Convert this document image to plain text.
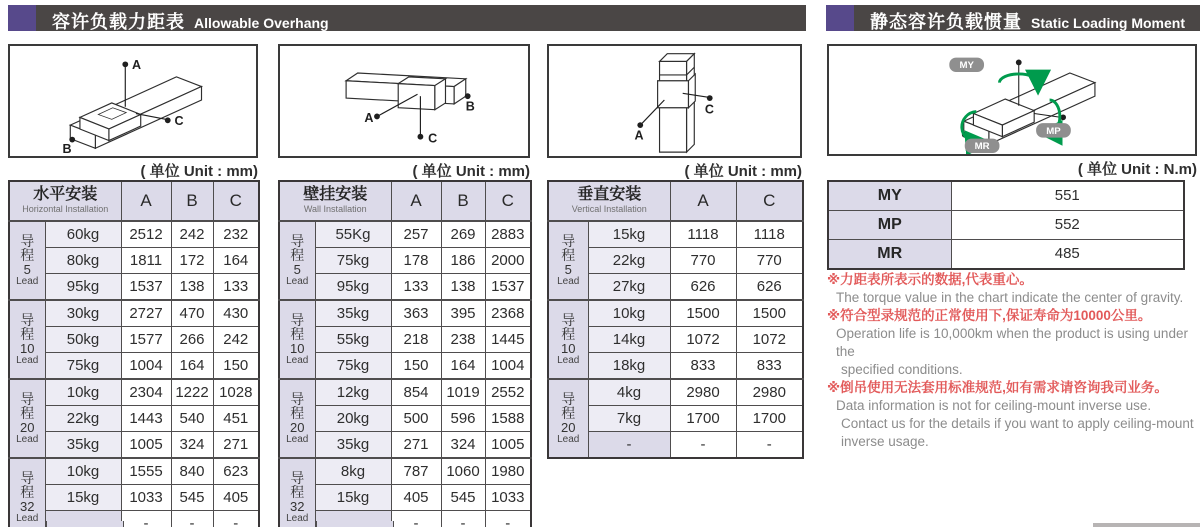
容许负载力距表 Allowable Overhang	静态容许负载惯量 Static Loading Moment
A
B
C	A
B
C	A
C
MY
MP
MR
( 单位 Unit : mm)	( 单位 Unit : mm)	( 单位 Unit : mm)	( 单位 Unit : N.m)
水平安装
Horizontal Installation		A	B	C

导
程
5
Lead	60kg	2512	242	232
	80kg	1811	172	164
	95kg	1537	138	133

导
程
10
Lead	30kg	2727	470	430
	50kg	1577	266	242
	75kg	1004	164	150

导
程
20
Lead	10kg	2304	1222	1028
	22kg	1443	540	451
	35kg	1005	324	271

导
程
32
Lead	10kg	1555	840	623
	15kg	1033	545	405
	-	-	-
壁挂安装
Wall Installation		A	B	C

导
程
5
Lead	55Kg	257	269	2883
	75kg	178	186	2000
	95kg	133	138	1537

导
程
10
Lead	35kg	363	395	2368
	55kg	218	238	1445
	75kg	150	164	1004

导
程
20
Lead	12kg	854	1019	2552
	20kg	500	596	1588
	35kg	271	324	1005

导
程
32
Lead	8kg	787	1060	1980
	15kg	405	545	1033
	-	-	-
垂直安装
Vertical Installation		A	C

导
程
5
Lead	15kg	1118	1118
	22kg	770	770
	27kg	626	626

导
程
10
Lead	10kg	1500	1500
	14kg	1072	1072
	18kg	833	833

导
程
20
Lead	4kg	2980	2980
	7kg	1700	1700
	-	-	-
MY	551
MP	552
MR	485
※力距表所表示的数据,代表重心。
The torque value in the chart indicate the center of gravity.
※符合型录规范的正常使用下,保证寿命为10000公里。
Operation life is 10,000km when the product is using under the
specified conditions.
※倒吊使用无法套用标准规范,如有需求请咨询我司业务。
Data information is not for ceiling-mount inverse use.
Contact us for the details if you want to apply ceiling-mount
inverse usage.
